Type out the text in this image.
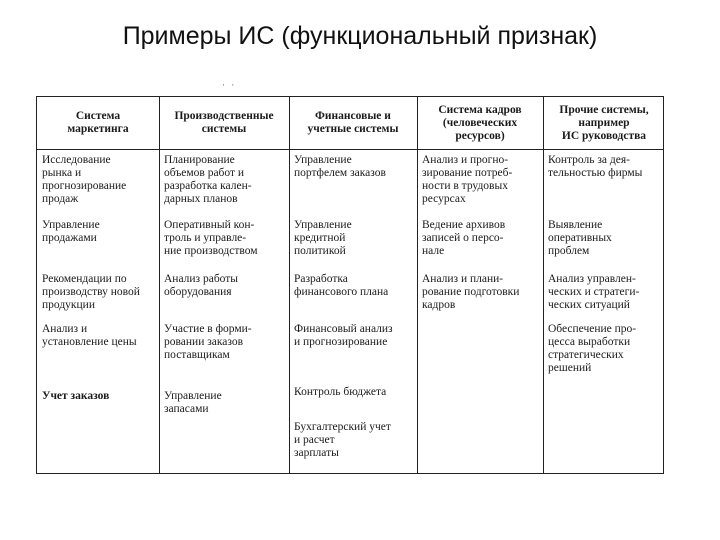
Примеры ИС (функциональный признак)
· ·
Система
маркетинга
Производственные
системы
Финансовые и
учетные системы
Система кадров
(человеческих
ресурсов)
Прочие системы,
например
ИС руководства
Исследование
рынка и
прогнозирование
продаж
Управление
продажами
Рекомендации по
производству новой
продукции
Анализ и
установление цены
Учет заказов
Планирование
объемов работ и
разработка кален-
дарных планов
Оперативный кон-
троль и управле-
ние производством
Анализ работы
оборудования
Участие в форми-
ровании заказов
поставщикам
Управление
запасами
Управление
портфелем заказов
Управление
кредитной
политикой
Разработка
финансового плана
Финансовый анализ
и прогнозирование
Контроль бюджета
Бухгалтерский учет
и расчет
зарплаты
Анализ и прогно-
зирование потреб-
ности в трудовых
ресурсах
Ведение архивов
записей о персо-
нале
Анализ и плани-
рование подготовки
кадров
Контроль за дея-
тельностью фирмы
Выявление
оперативных
проблем
Анализ управлен-
ческих и стратеги-
ческих ситуаций
Обеспечение про-
цесса выработки
стратегических
решений
